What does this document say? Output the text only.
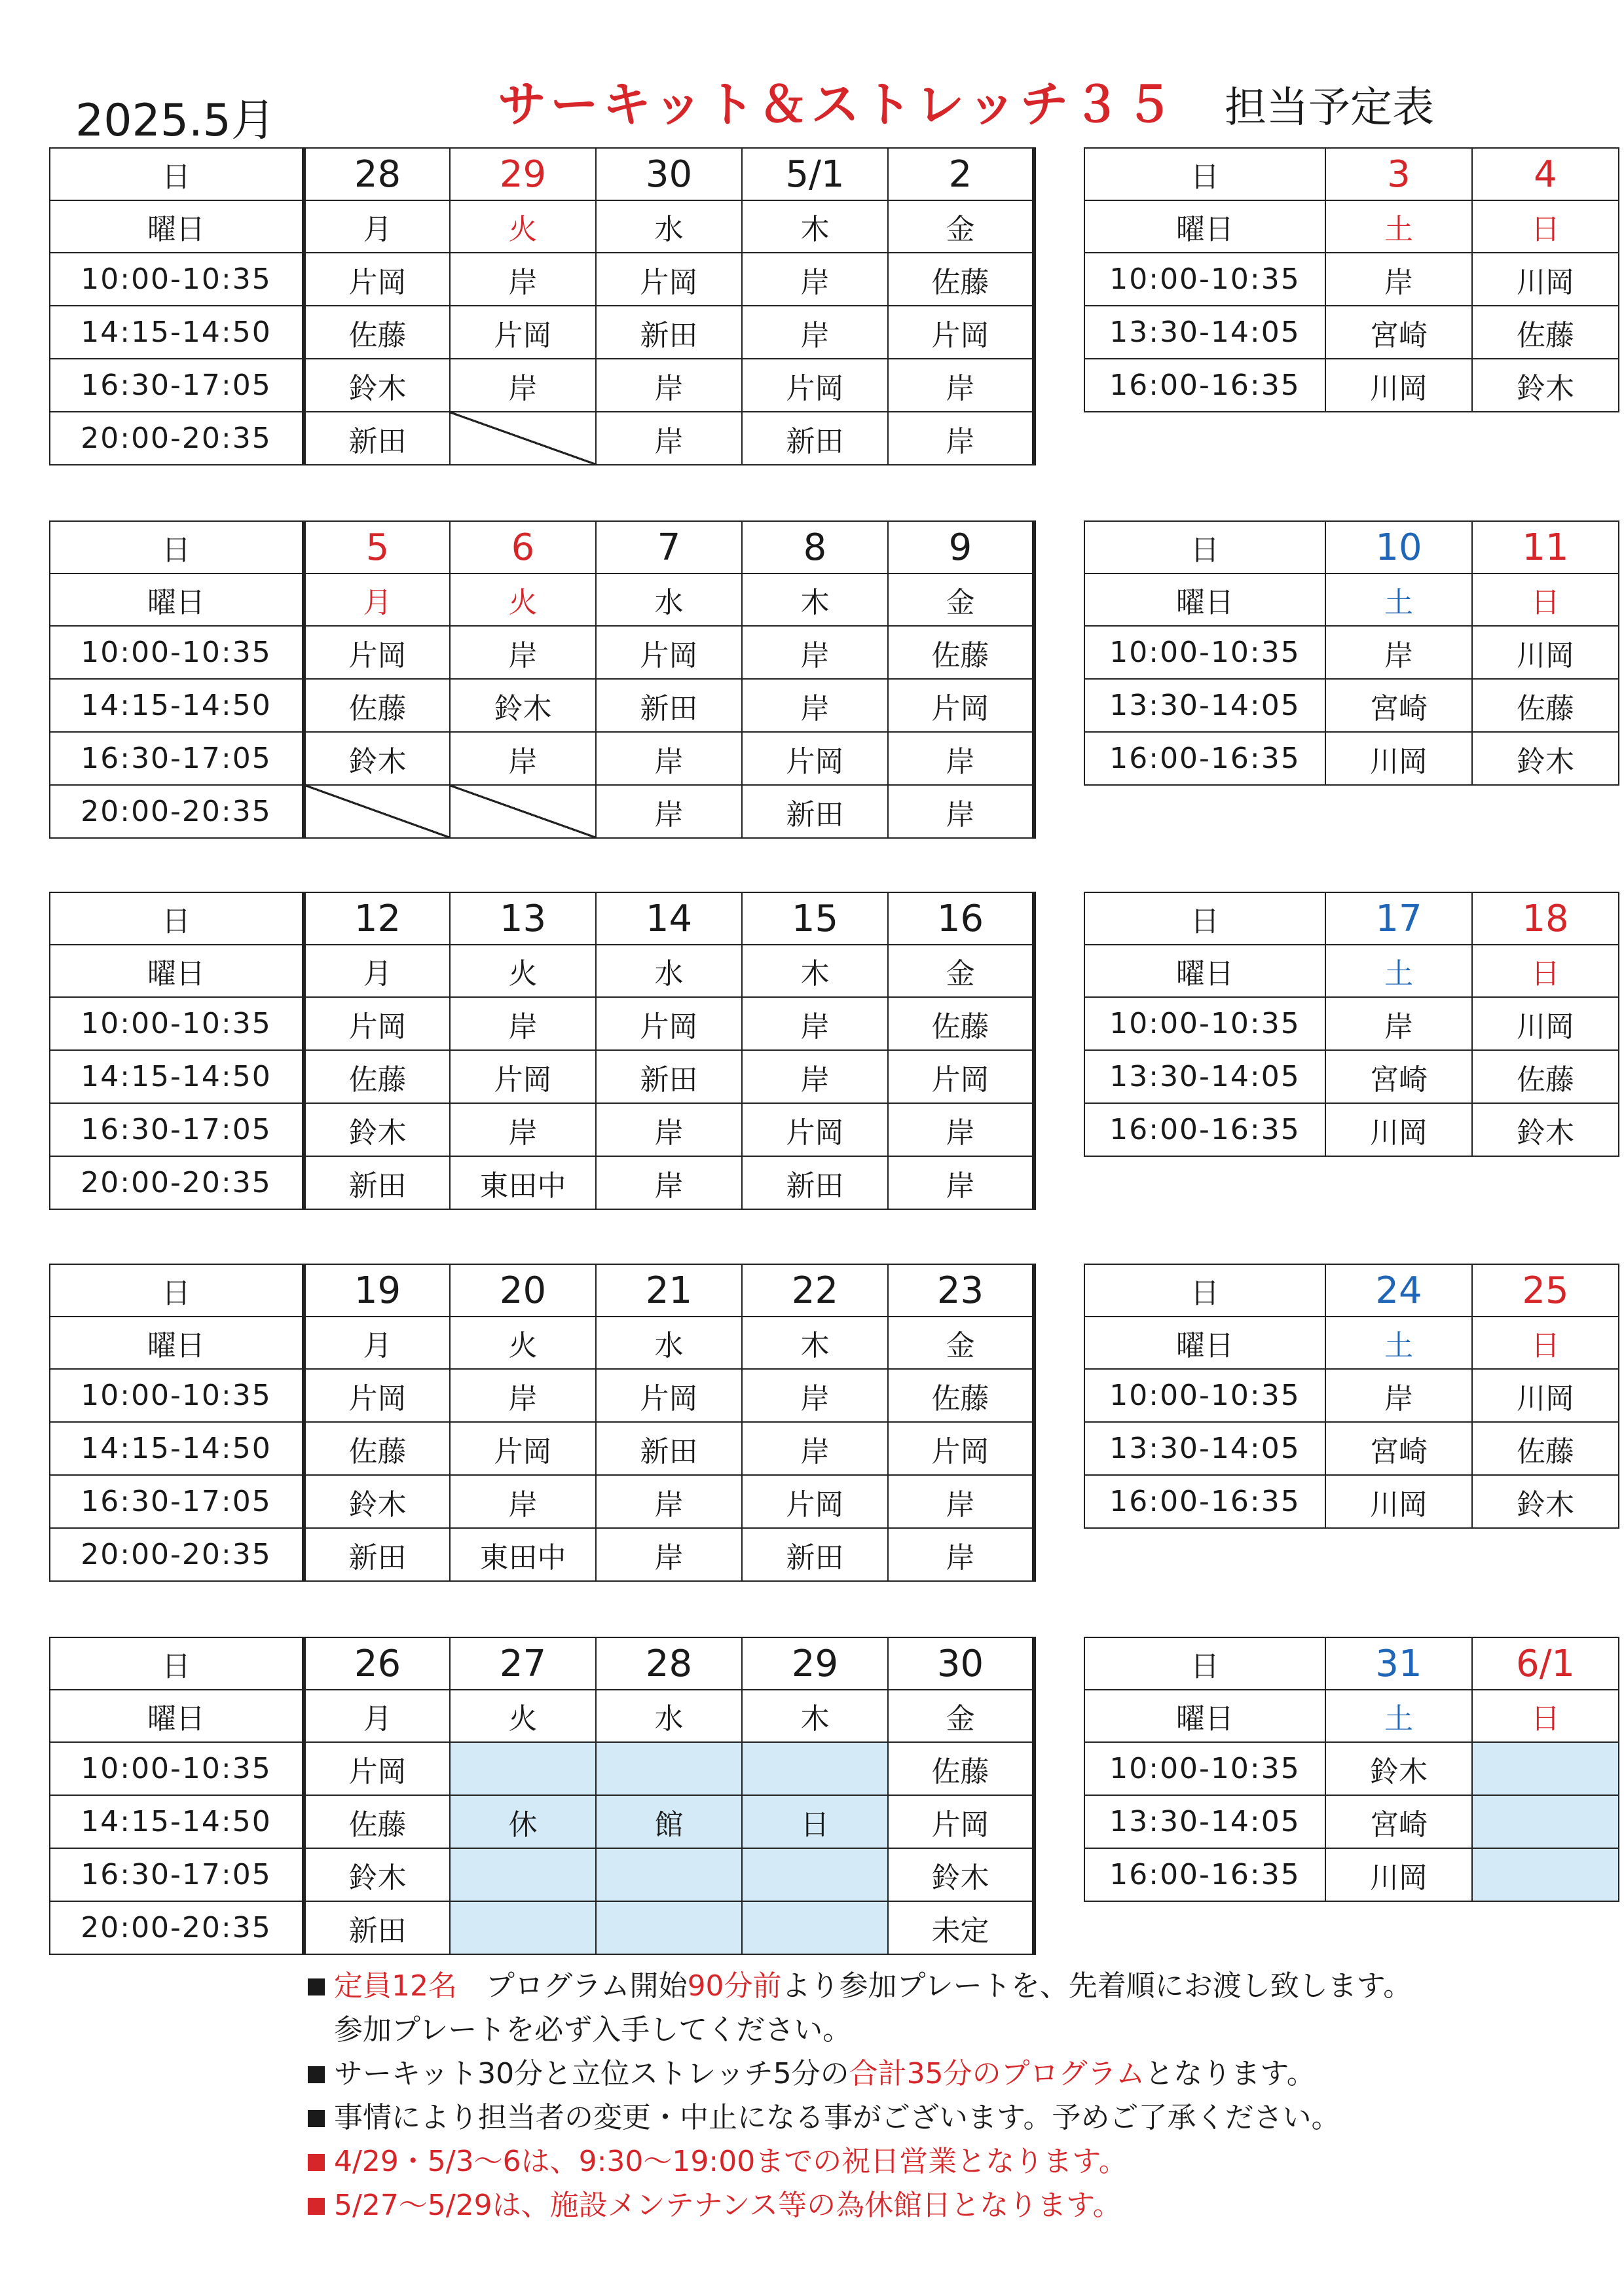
2025.5月	サーキット＆ストレッチ３５ 担当予定表
日	28	29	30	5/1	2
曜日	月	火	水	木	金
10:00-10:35	片岡	岸	片岡	岸	佐藤
14:15-14:50	佐藤	片岡	新田	岸	片岡
16:30-17:05	鈴木	岸	岸	片岡	岸
20:00-20:35	新田		岸	新田	岸
日	3	4
曜日	土	日
10:00-10:35	岸	川岡
13:30-14:05	宮崎	佐藤
16:00-16:35	川岡	鈴木
日	5	6	7	8	9
曜日	月	火	水	木	金
10:00-10:35	片岡	岸	片岡	岸	佐藤
14:15-14:50	佐藤	鈴木	新田	岸	片岡
16:30-17:05	鈴木	岸	岸	片岡	岸
20:00-20:35			岸	新田	岸
日	10	11
曜日	土	日
10:00-10:35	岸	川岡
13:30-14:05	宮崎	佐藤
16:00-16:35	川岡	鈴木
日	12	13	14	15	16
曜日	月	火	水	木	金
10:00-10:35	片岡	岸	片岡	岸	佐藤
14:15-14:50	佐藤	片岡	新田	岸	片岡
16:30-17:05	鈴木	岸	岸	片岡	岸
20:00-20:35	新田	東田中	岸	新田	岸
日	17	18
曜日	土	日
10:00-10:35	岸	川岡
13:30-14:05	宮崎	佐藤
16:00-16:35	川岡	鈴木
日	19	20	21	22	23
曜日	月	火	水	木	金
10:00-10:35	片岡	岸	片岡	岸	佐藤
14:15-14:50	佐藤	片岡	新田	岸	片岡
16:30-17:05	鈴木	岸	岸	片岡	岸
20:00-20:35	新田	東田中	岸	新田	岸
日	24	25
曜日	土	日
10:00-10:35	岸	川岡
13:30-14:05	宮崎	佐藤
16:00-16:35	川岡	鈴木
日	26	27	28	29	30
曜日	月	火	水	木	金
10:00-10:35	片岡				佐藤
14:15-14:50	佐藤	休	館	日	片岡
16:30-17:05	鈴木				鈴木
20:00-20:35	新田				未定
日	31	6/1
曜日	土	日
10:00-10:35	鈴木	
13:30-14:05	宮崎	
16:00-16:35	川岡	
定員12名　プログラム開始90分前より参加プレートを、先着順にお渡し致します。
参加プレートを必ず入手してください。
サーキット30分と立位ストレッチ5分の合計35分のプログラムとなります。
事情により担当者の変更・中止になる事がございます。予めご了承ください。
4/29・5/3～6は、9:30～19:00までの祝日営業となります。
5/27～5/29は、施設メンテナンス等の為休館日となります。
